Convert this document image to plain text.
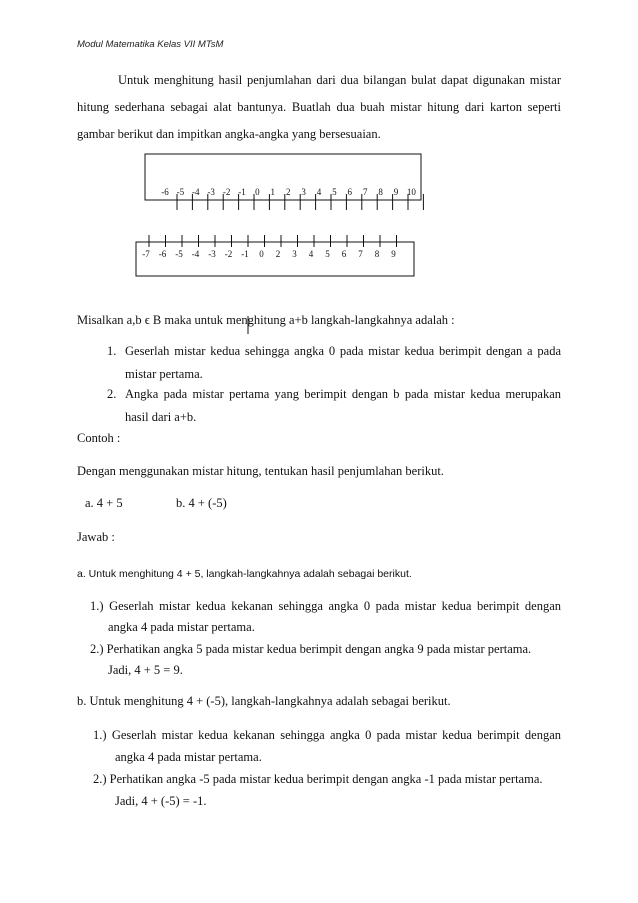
Modul Matematika Kelas VII MTsM
Untuk menghitung hasil penjumlahan dari dua bilangan bulat dapat digunakan mistar
hitung sederhana sebagai alat bantunya. Buatlah dua buah mistar hitung dari karton seperti
gambar berikut dan impitkan angka-angka yang bersesuaian.
-6 -5 -4 -3 -2 -1 0 1 2 3 4 5 6 7 8 9 10
-7 -6 -5 -4 -3 -2 -1 0 2 3 4 5 6 7 8 9
Misalkan a,b ϵ B maka untuk menghitung a+b langkah-langkahnya adalah :
1. Geserlah mistar kedua sehingga angka 0 pada mistar kedua berimpit dengan a pada
mistar pertama.
2. Angka pada mistar pertama yang berimpit dengan b pada mistar kedua merupakan
hasil dari a+b.
Contoh :
Dengan menggunakan mistar hitung, tentukan hasil penjumlahan berikut.
a. 4 + 5	b. 4 + (-5)
Jawab :
a. Untuk menghitung 4 + 5, langkah-langkahnya adalah sebagai berikut.
1.) Geserlah mistar kedua kekanan sehingga angka 0 pada mistar kedua berimpit dengan
angka 4 pada mistar pertama.
2.) Perhatikan angka 5 pada mistar kedua berimpit dengan angka 9 pada mistar pertama.
Jadi, 4 + 5 = 9.
b. Untuk menghitung 4 + (-5), langkah-langkahnya adalah sebagai berikut.
1.) Geserlah mistar kedua kekanan sehingga angka 0 pada mistar kedua berimpit dengan
angka 4 pada mistar pertama.
2.) Perhatikan angka -5 pada mistar kedua berimpit dengan angka -1 pada mistar pertama.
Jadi, 4 + (-5) = -1.
